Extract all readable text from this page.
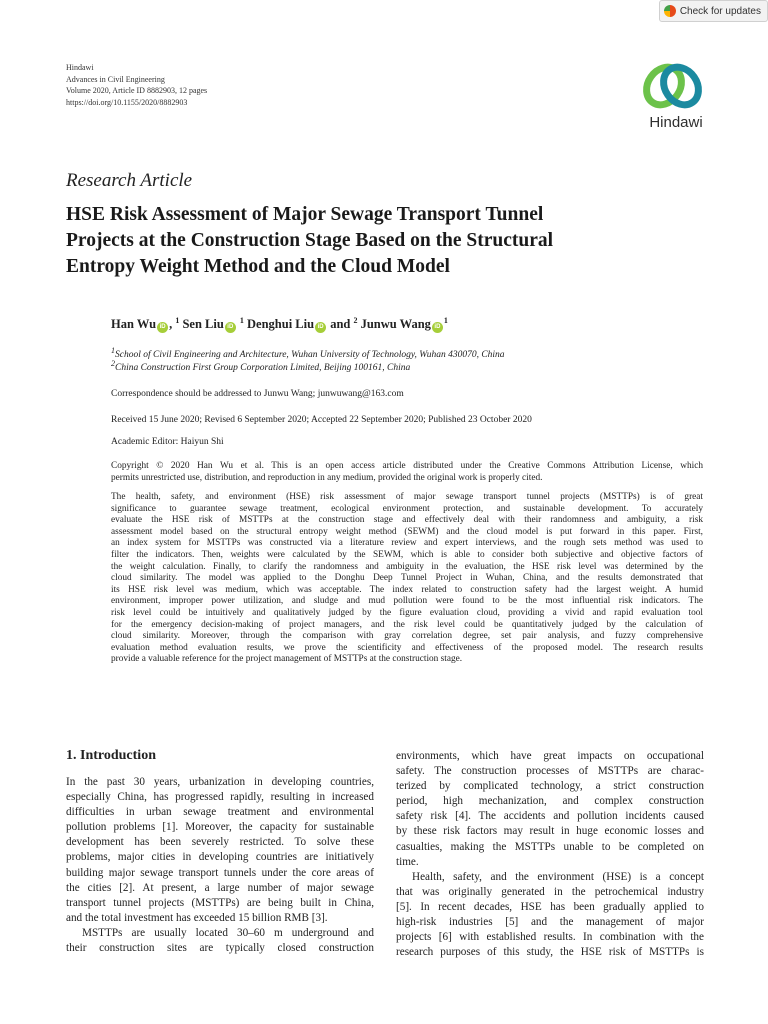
Check for updates
Hindawi
Advances in Civil Engineering
Volume 2020, Article ID 8882903, 12 pages
https://doi.org/10.1155/2020/8882903
Hindawi
Research Article
HSE Risk Assessment of Major Sewage Transport Tunnel
Projects at the Construction Stage Based on the Structural
Entropy Weight Method and the Cloud Model
Han Wu iD , $^1$ Sen Liu iD $^1$ Denghui Liu iD and $^2$ Junwu Wang $iD^1$
$^1$School of Civil Engineering and Architecture, Wuhan University of Technology, Wuhan 430070, China
$^2$China Construction First Group Corporation Limited, Beijing 100161, China
Correspondence should be addressed to Junwu Wang; junwuwang@163.com
Received 15 June 2020; Revised 6 September 2020; Accepted 22 September 2020; Published 23 October 2020
Academic Editor: Haiyun Shi
Copyright © 2020 Han Wu et al. This is an open access article distributed under the Creative Commons Attribution License, which
permits unrestricted use, distribution, and reproduction in any medium, provided the original work is properly cited.
The health, safety, and environment (HSE) risk assessment of major sewage transport tunnel projects (MSTTPs) is of great
significance to guarantee sewage treatment, ecological environment protection, and sustainable development. To accurately
evaluate the HSE risk of MSTTPs at the construction stage and effectively deal with their randomness and ambiguity, a risk
assessment model based on the structural entropy weight method (SEWM) and the cloud model is put forward in this paper. First,
an index system for MSTTPs was constructed via a literature review and expert interviews, and the rough sets method was used to
filter the indicators. Then, weights were calculated by the SEWM, which is able to consider both subjective and objective factors of
the weight calculation. Finally, to clarify the randomness and ambiguity in the evaluation, the HSE risk level was determined by the
cloud similarity. The model was applied to the Donghu Deep Tunnel Project in Wuhan, China, and the results demonstrated that
its HSE risk level was medium, which was acceptable. The index related to construction safety had the largest weight. A humid
environment, improper power utilization, and sludge and mud pollution were found to be the most influential risk indicators. The
risk level could be intuitively and qualitatively judged by the figure evaluation cloud, providing a vivid and rapid evaluation tool
for the emergency decision-making of project managers, and the risk level could be quantitatively judged by the calculation of
cloud similarity. Moreover, through the comparison with gray correlation degree, set pair analysis, and fuzzy comprehensive
evaluation method evaluation results, we prove the scientificity and effectiveness of the proposed model. The research results
provide a valuable reference for the project management of MSTTPs at the construction stage.
1. Introduction
In the past 30 years, urbanization in developing countries,
especially China, has progressed rapidly, resulting in increased
difficulties in urban sewage treatment and environmental
pollution problems [1]. Moreover, the capacity for sustainable
development has been severely restricted. To solve these
problems, major cities in developing countries are initiatively
building major sewage transport tunnels under the core areas of
the cities [2]. At present, a large number of major sewage
transport tunnel projects (MSTTPs) are being built in China,
and the total investment has exceeded 15 billion RMB [3].
MSTTPs are usually located 30–60 m underground and
their construction sites are typically closed construction
environments, which have great impacts on occupational
safety. The construction processes of MSTTPs are charac-
terized by complicated technology, a strict construction
period, high mechanization, and complex construction
safety risk [4]. The accidents and pollution incidents caused
by these risk factors may result in huge economic losses and
casualties, making the MSTTPs unable to be completed on
time.
Health, safety, and the environment (HSE) is a concept
that was originally generated in the petrochemical industry
[5]. In recent decades, HSE has been gradually applied to
high-risk industries [5] and the management of major
projects [6] with established results. In combination with the
research purposes of this study, the HSE risk of MSTTPs is
